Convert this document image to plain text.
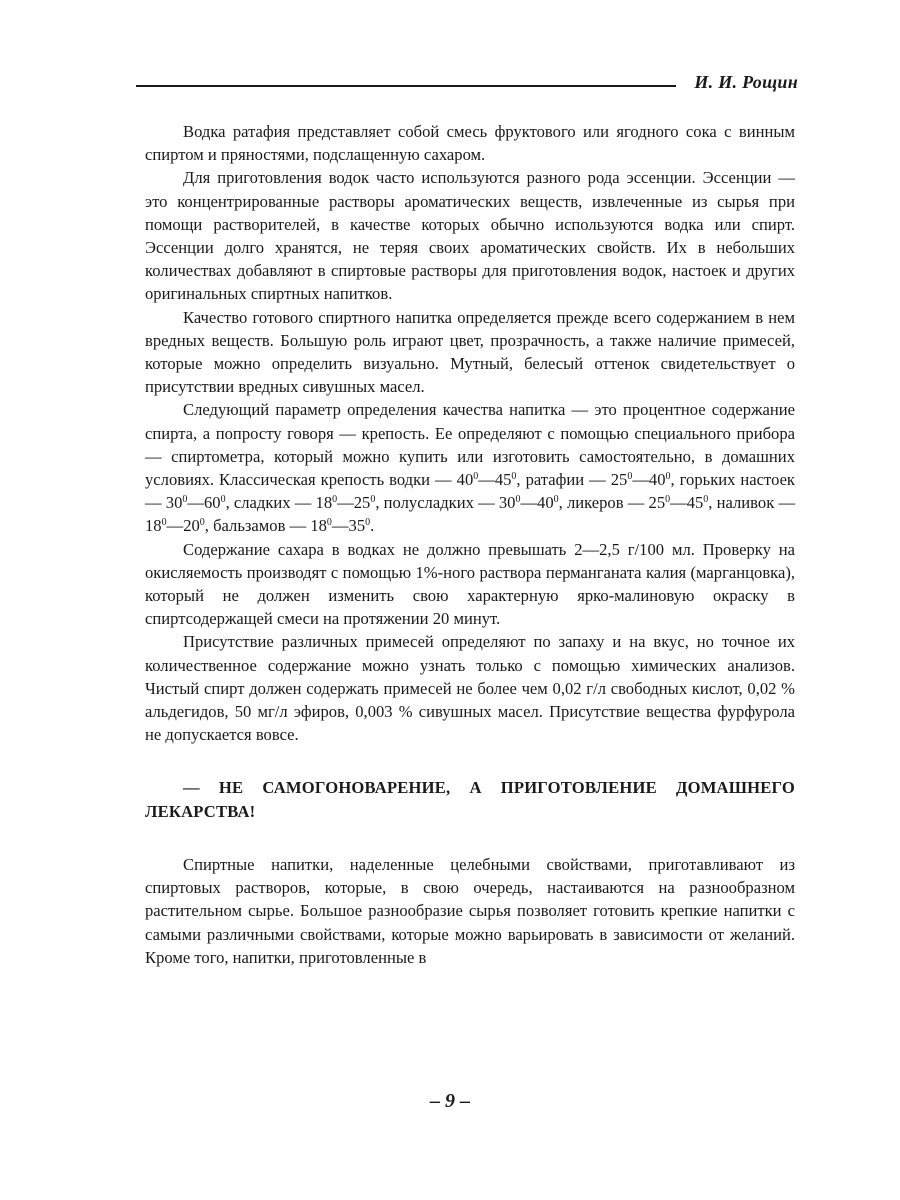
И. И. Рощин

Водка ратафия представляет собой смесь фруктового или ягодного сока с винным спиртом и пряностями, подслащенную сахаром.

Для приготовления водок часто используются разного рода эссенции. Эссенции — это концентрированные растворы ароматических веществ, извлеченные из сырья при помощи растворителей, в качестве которых обычно используются водка или спирт. Эссенции долго хранятся, не теряя своих ароматических свойств. Их в небольших количествах добавляют в спиртовые растворы для приготовления водок, настоек и других оригинальных спиртных напитков.

Качество готового спиртного напитка определяется прежде всего содержанием в нем вредных веществ. Большую роль играют цвет, прозрачность, а также наличие примесей, которые можно определить визуально. Мутный, белесый оттенок свидетельствует о присутствии вредных сивушных масел.

Следующий параметр определения качества напитка — это процентное содержание спирта, а попросту говоря — крепость. Ее определяют с помощью специального прибора — спиртометра, который можно купить или изготовить самостоятельно, в домашних условиях. Классическая крепость водки — $40^0—45^0$, ратафии — $25^0—40^0$, горьких настоек — $30^0—60^0$, сладких — $18^0—25^0$, полусладких — $30^0—40^0$, ликеров — $25^0—45^0$, наливок — $18^0—20^0$, бальзамов — $18^0—35^0$.

Содержание сахара в водках не должно превышать 2—2,5 г/100 мл. Проверку на окисляемость производят с помощью 1%-ного раствора перманганата калия (марганцовка), который не должен изменить свою характерную ярко-малиновую окраску в спиртсодержащей смеси на протяжении 20 минут.

Присутствие различных примесей определяют по запаху и на вкус, но точное их количественное содержание можно узнать только с помощью химических анализов. Чистый спирт должен содержать примесей не более чем 0,02 г/л свободных кислот, 0,02 % альдегидов, 50 мг/л эфиров, 0,003 % сивушных масел. Присутствие вещества фурфурола не допускается вовсе.

— НЕ САМОГОНОВАРЕНИЕ, А ПРИГОТОВЛЕНИЕ ДОМАШНЕГО ЛЕКАРСТВА!

Спиртные напитки, наделенные целебными свойствами, приготавливают из спиртовых растворов, которые, в свою очередь, настаиваются на разнообразном растительном сырье. Большое разнообразие сырья позволяет готовить крепкие напитки с самыми различными свойствами, которые можно варьировать в зависимости от желаний. Кроме того, напитки, приготовленные в

– 9 –
